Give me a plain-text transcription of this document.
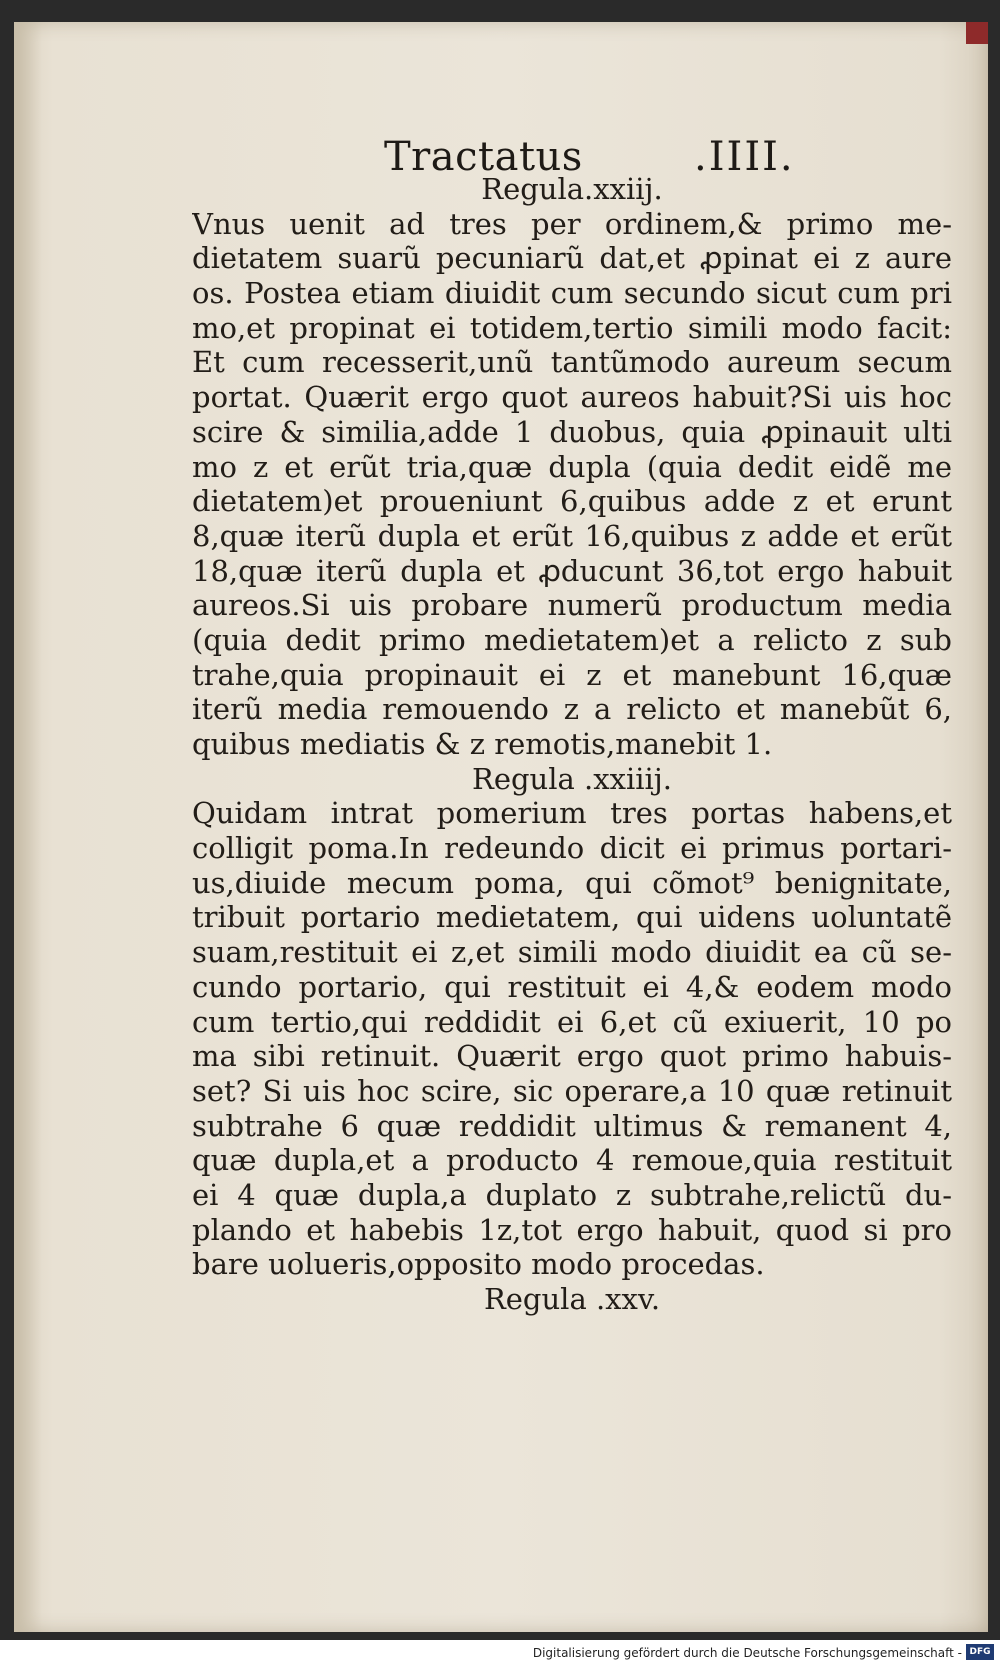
Tractatus	.IIII.
Regula.xxiij.
Vnus uenit ad tres per ordinem,& primo me-
dietatem suarũ pecuniarũ dat,et ꝓpinat ei z aure
os. Postea etiam diuidit cum secundo sicut cum pri
mo,et propinat ei totidem,tertio simili modo facit:
Et cum recesserit,unũ tantũmodo aureum secum
portat. Quærit ergo quot aureos habuit?Si uis hoc
scire & similia,adde 1 duobus, quia ꝓpinauit ulti
mo z et erũt tria,quæ dupla (quia dedit eidẽ me
dietatem)et proueniunt 6,quibus adde z et erunt
8,quæ iterũ dupla et erũt 16,quibus z adde et erũt
18,quæ iterũ dupla et ꝓducunt 36,tot ergo habuit
aureos.Si uis probare numerũ productum media
(quia dedit primo medietatem)et a relicto z sub
trahe,quia propinauit ei z et manebunt 16,quæ
iterũ media remouendo z a relicto et manebũt 6,
quibus mediatis & z remotis,manebit 1.
Regula .xxiiij.
Quidam intrat pomerium tres portas habens,et
colligit poma.In redeundo dicit ei primus portari-
us,diuide mecum poma, qui cõmot⁹ benignitate,
tribuit portario medietatem, qui uidens uoluntatẽ
suam,restituit ei z,et simili modo diuidit ea cũ se-
cundo portario, qui restituit ei 4,& eodem modo
cum tertio,qui reddidit ei 6,et cũ exiuerit, 10 po
ma sibi retinuit. Quærit ergo quot primo habuis-
set? Si uis hoc scire, sic operare,a 10 quæ retinuit
subtrahe 6 quæ reddidit ultimus & remanent 4,
quæ dupla,et a producto 4 remoue,quia restituit
ei 4 quæ dupla,a duplato z subtrahe,relictũ du-
plando et habebis 1z,tot ergo habuit, quod si pro
bare uolueris,opposito modo procedas.
Regula .xxv.
Digitalisierung gefördert durch die Deutsche Forschungsgemeinschaft - DFG
